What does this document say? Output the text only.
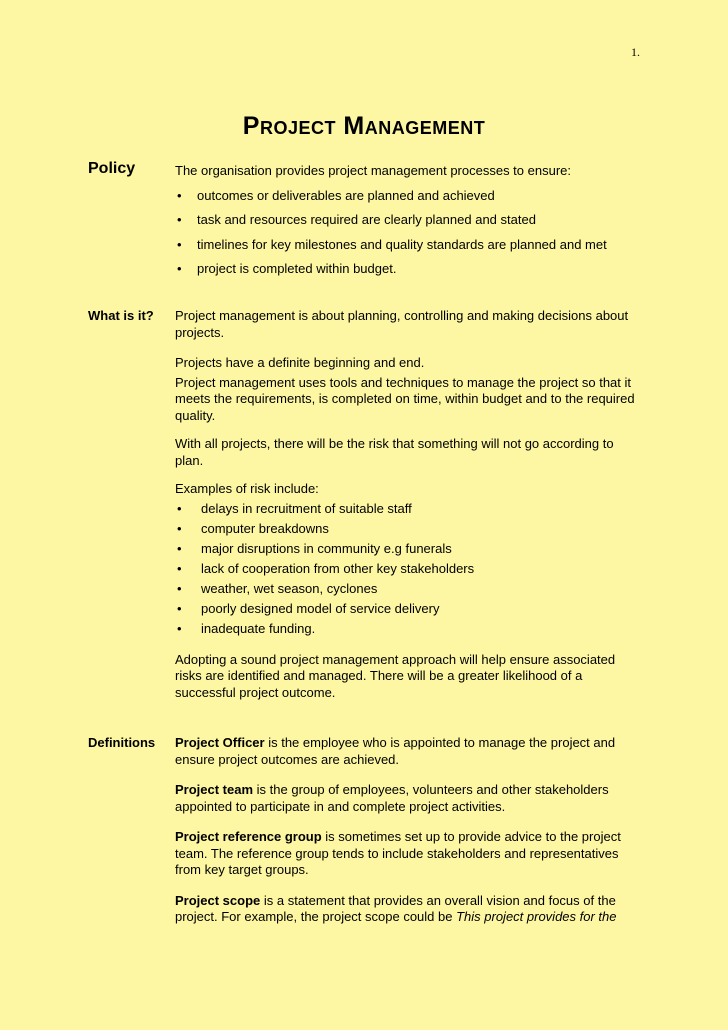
1.
Project Management
Policy	The organisation provides project management processes to ensure:
• outcomes or deliverables are planned and achieved
• task and resources required are clearly planned and stated
• timelines for key milestones and quality standards are planned and met
• project is completed within budget.
What is it? Project management is about planning, controlling and making decisions about projects.

Projects have a definite beginning and end.

Project management uses tools and techniques to manage the project so that it meets the requirements, is completed on time, within budget and to the required quality.

With all projects, there will be the risk that something will not go according to plan.

Examples of risk include:
• delays in recruitment of suitable staff
• computer breakdowns
• major disruptions in community e.g funerals
• lack of cooperation from other key stakeholders
• weather, wet season, cyclones
• poorly designed model of service delivery
• inadequate funding.

Adopting a sound project management approach will help ensure associated risks are identified and managed. There will be a greater likelihood of a successful project outcome.

Definitions Project Officer is the employee who is appointed to manage the project and ensure project outcomes are achieved.

Project team is the group of employees, volunteers and other stakeholders appointed to participate in and complete project activities.

Project reference group is sometimes set up to provide advice to the project team. The reference group tends to include stakeholders and representatives from key target groups.

Project scope is a statement that provides an overall vision and focus of the project. For example, the project scope could be This project provides for the
